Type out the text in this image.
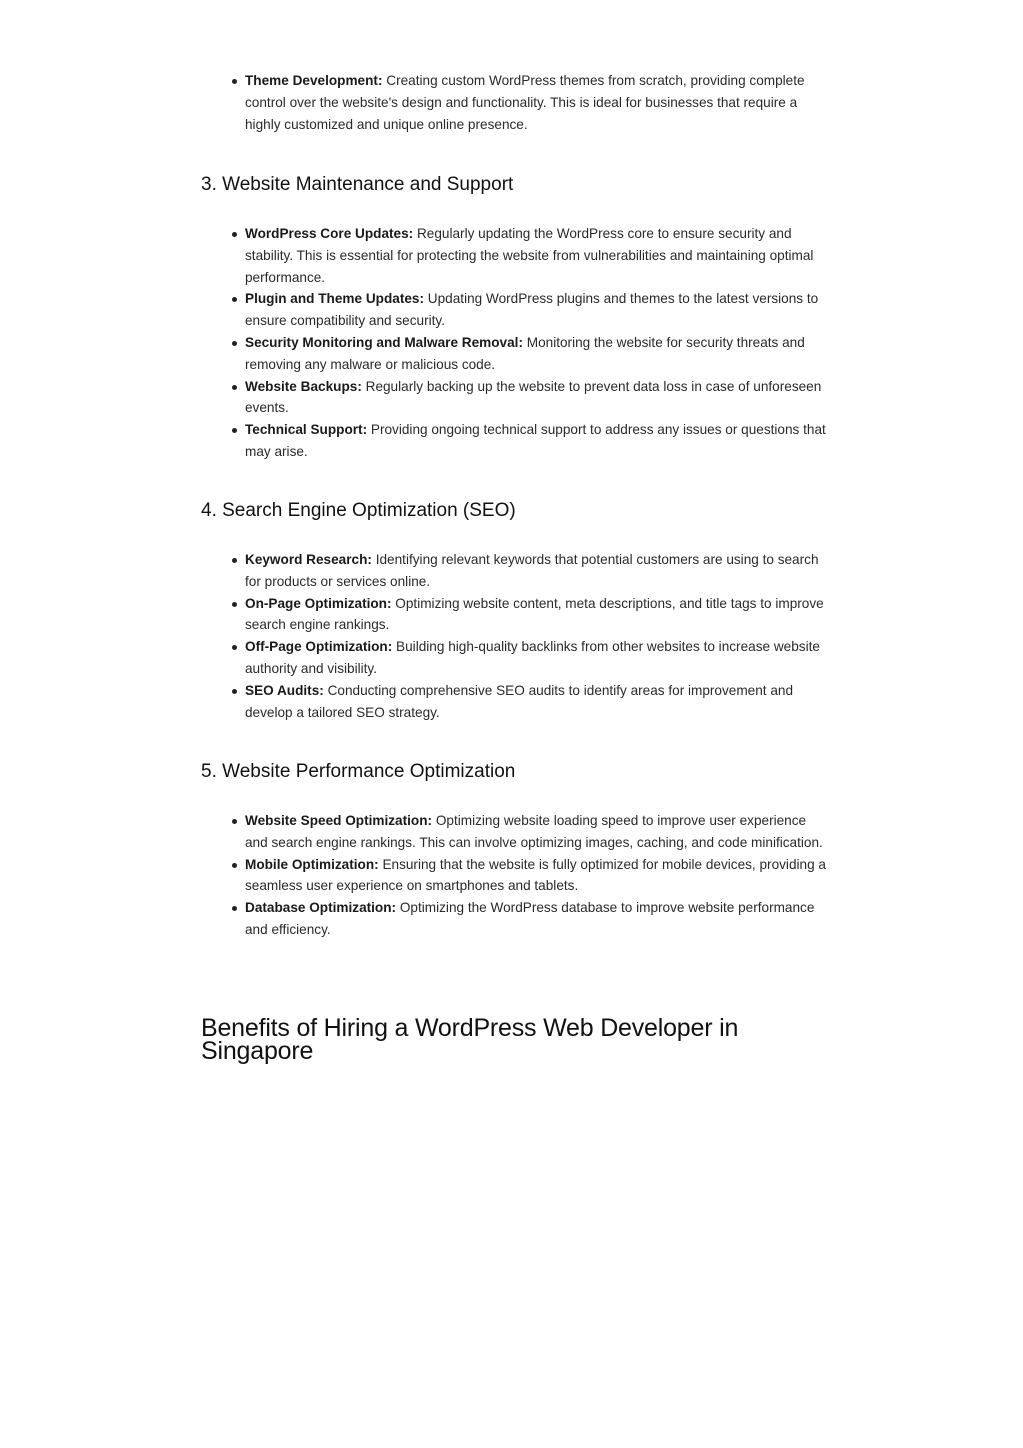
Theme Development: Creating custom WordPress themes from scratch, providing complete control over the website's design and functionality. This is ideal for businesses that require a highly customized and unique online presence.
3. Website Maintenance and Support
WordPress Core Updates: Regularly updating the WordPress core to ensure security and stability. This is essential for protecting the website from vulnerabilities and maintaining optimal performance.
Plugin and Theme Updates: Updating WordPress plugins and themes to the latest versions to ensure compatibility and security.
Security Monitoring and Malware Removal: Monitoring the website for security threats and removing any malware or malicious code.
Website Backups: Regularly backing up the website to prevent data loss in case of unforeseen events.
Technical Support: Providing ongoing technical support to address any issues or questions that may arise.
4. Search Engine Optimization (SEO)
Keyword Research: Identifying relevant keywords that potential customers are using to search for products or services online.
On-Page Optimization: Optimizing website content, meta descriptions, and title tags to improve search engine rankings.
Off-Page Optimization: Building high-quality backlinks from other websites to increase website authority and visibility.
SEO Audits: Conducting comprehensive SEO audits to identify areas for improvement and develop a tailored SEO strategy.
5. Website Performance Optimization
Website Speed Optimization: Optimizing website loading speed to improve user experience and search engine rankings. This can involve optimizing images, caching, and code minification.
Mobile Optimization: Ensuring that the website is fully optimized for mobile devices, providing a seamless user experience on smartphones and tablets.
Database Optimization: Optimizing the WordPress database to improve website performance and efficiency.
Benefits of Hiring a WordPress Web Developer in Singapore
